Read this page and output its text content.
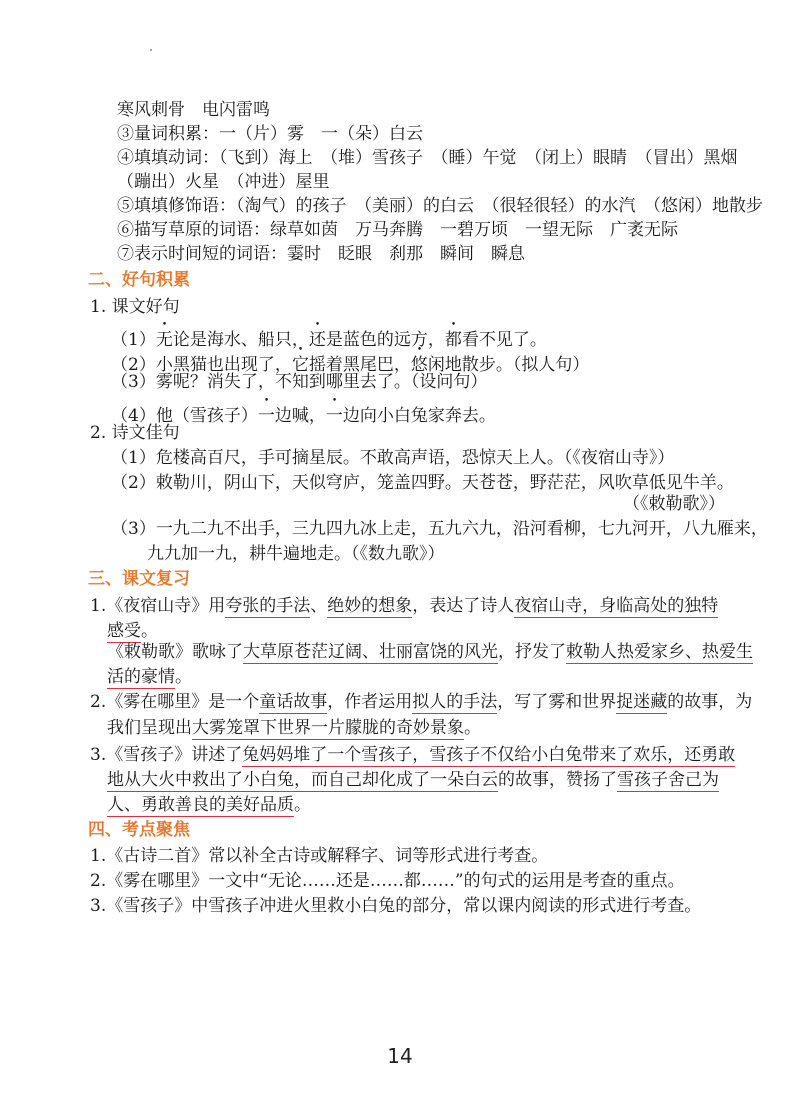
寒风刺骨　电闪雷鸣
③量词积累：一（片）雾　一（朵）白云
④填填动词：（飞到）海上　（堆）雪孩子　（睡）午觉　（闭上）眼睛　（冒出）黑烟
（蹦出）火星　（冲进）屋里
⑤填填修饰语：（淘气）的孩子　（美丽）的白云　（很轻很轻）的水汽　（悠闲）地散步
⑥描写草原的词语：绿草如茵　万马奔腾　一碧万顷　一望无际　广袤无际
⑦表示时间短的词语：霎时　眨眼　刹那　瞬间　瞬息
二、好句积累
1. 课文好句
（1）无论是海水、船只，还是蓝色的远方，都看不见了。
（2）小黑猫也出现了，它摇着黑尾巴，悠闲地散步。（拟人句）
（3）雾呢？消失了，不知到哪里去了。（设问句）
（4）他（雪孩子）一边喊，一边向小白兔家奔去。
2. 诗文佳句
（1）危楼高百尺，手可摘星辰。不敢高声语，恐惊天上人。（《夜宿山寺》）
（2）敕勒川，阴山下，天似穹庐，笼盖四野。天苍苍，野茫茫，风吹草低见牛羊。
（《敕勒歌》）
（3）一九二九不出手，三九四九冰上走，五九六九，沿河看柳，七九河开，八九雁来，
九九加一九，耕牛遍地走。（《数九歌》）
三、课文复习
1.《夜宿山寺》用夸张的手法、绝妙的想象，表达了诗人夜宿山寺，身临高处的独特
感受。
《敕勒歌》歌咏了大草原苍茫辽阔、壮丽富饶的风光，抒发了敕勒人热爱家乡、热爱生
活的豪情。
2.《雾在哪里》是一个童话故事，作者运用拟人的手法，写了雾和世界捉迷藏的故事，为
我们呈现出大雾笼罩下世界一片朦胧的奇妙景象。
3.《雪孩子》讲述了兔妈妈堆了一个雪孩子，雪孩子不仅给小白兔带来了欢乐，还勇敢
地从大火中救出了小白兔，而自己却化成了一朵白云的故事，赞扬了雪孩子舍己为
人、勇敢善良的美好品质。
四、考点聚焦
1.《古诗二首》常以补全古诗或解释字、词等形式进行考查。
2.《雾在哪里》一文中“无论……还是……都……”的句式的运用是考查的重点。
3.《雪孩子》中雪孩子冲进火里救小白兔的部分，常以课内阅读的形式进行考查。
14
